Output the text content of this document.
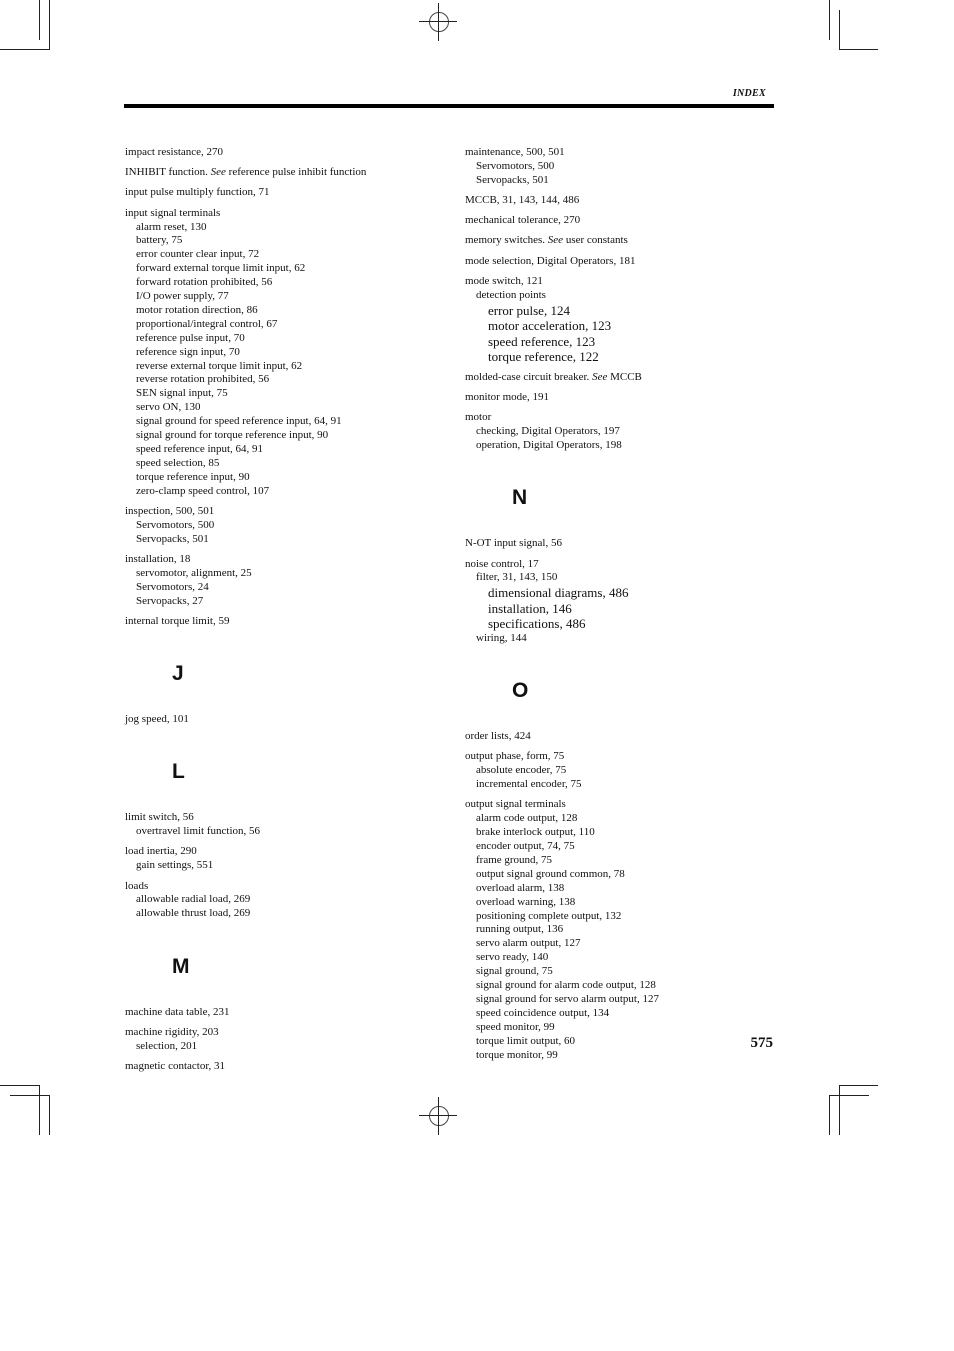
INDEX
impact resistance, 270
INHIBIT function. See reference pulse inhibit function
input pulse multiply function, 71
input signal terminals
alarm reset, 130
battery, 75
error counter clear input, 72
forward external torque limit input, 62
forward rotation prohibited, 56
I/O power supply, 77
motor rotation direction, 86
proportional/integral control, 67
reference pulse input, 70
reference sign input, 70
reverse external torque limit input, 62
reverse rotation prohibited, 56
SEN signal input, 75
servo ON, 130
signal ground for speed reference input, 64, 91
signal ground for torque reference input, 90
speed reference input, 64, 91
speed selection, 85
torque reference input, 90
zero-clamp speed control, 107
inspection, 500, 501
Servomotors, 500
Servopacks, 501
installation, 18
servomotor, alignment, 25
Servomotors, 24
Servopacks, 27
internal torque limit, 59
J
jog speed, 101
L
limit switch, 56
overtravel limit function, 56
load inertia, 290
gain settings, 551
loads
allowable radial load, 269
allowable thrust load, 269
M
machine data table, 231
machine rigidity, 203
selection, 201
magnetic contactor, 31
maintenance, 500, 501
Servomotors, 500
Servopacks, 501
MCCB, 31, 143, 144, 486
mechanical tolerance, 270
memory switches. See user constants
mode selection, Digital Operators, 181
mode switch, 121
detection points
error pulse, 124
motor acceleration, 123
speed reference, 123
torque reference, 122
molded-case circuit breaker. See MCCB
monitor mode, 191
motor
checking, Digital Operators, 197
operation, Digital Operators, 198
N
N-OT input signal, 56
noise control, 17
filter, 31, 143, 150
dimensional diagrams, 486
installation, 146
specifications, 486
wiring, 144
O
order lists, 424
output phase, form, 75
absolute encoder, 75
incremental encoder, 75
output signal terminals
alarm code output, 128
brake interlock output, 110
encoder output, 74, 75
frame ground, 75
output signal ground common, 78
overload alarm, 138
overload warning, 138
positioning complete output, 132
running output, 136
servo alarm output, 127
servo ready, 140
signal ground, 75
signal ground for alarm code output, 128
signal ground for servo alarm output, 127
speed coincidence output, 134
speed monitor, 99
torque limit output, 60
torque monitor, 99
575
